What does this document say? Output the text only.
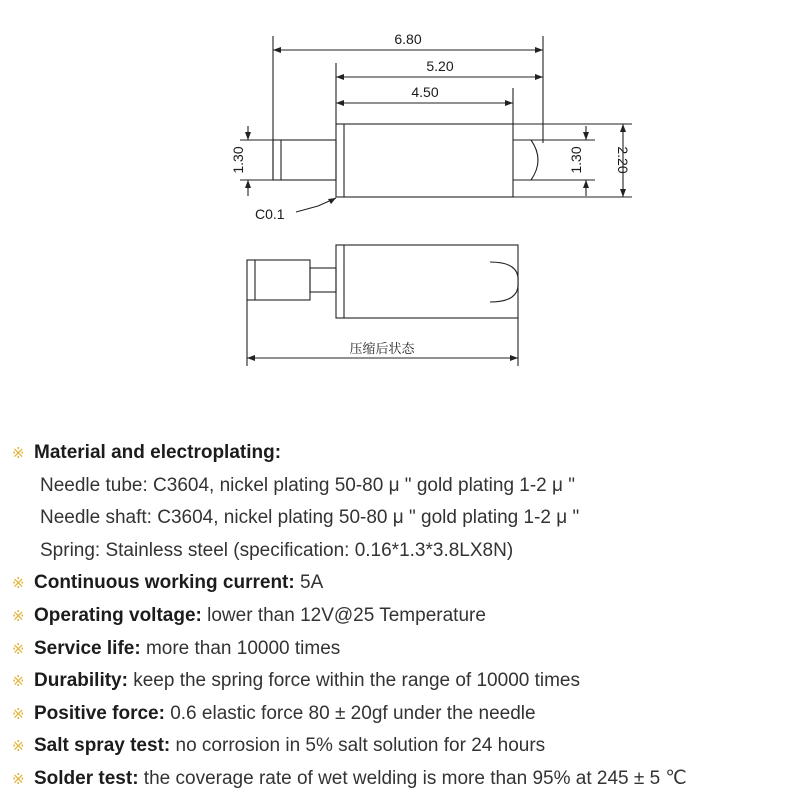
6.80
5.20
4.50
1.30	1.30 2.20
C0.1
压缩后状态
※ Material and electroplating:
Needle tube: C3604, nickel plating 50-80 μ " gold plating 1-2 μ "
Needle shaft: C3604, nickel plating 50-80 μ " gold plating 1-2 μ "
Spring: Stainless steel (specification: 0.16*1.3*3.8LX8N)
※ Continuous working current: 5A
※ Operating voltage: lower than 12V@25 Temperature
※ Service life: more than 10000 times
※ Durability: keep the spring force within the range of 10000 times
※ Positive force: 0.6 elastic force 80 ± 20gf under the needle
※ Salt spray test: no corrosion in 5% salt solution for 24 hours
※ Solder test: the coverage rate of wet welding is more than 95% at 245 ± 5 ℃
